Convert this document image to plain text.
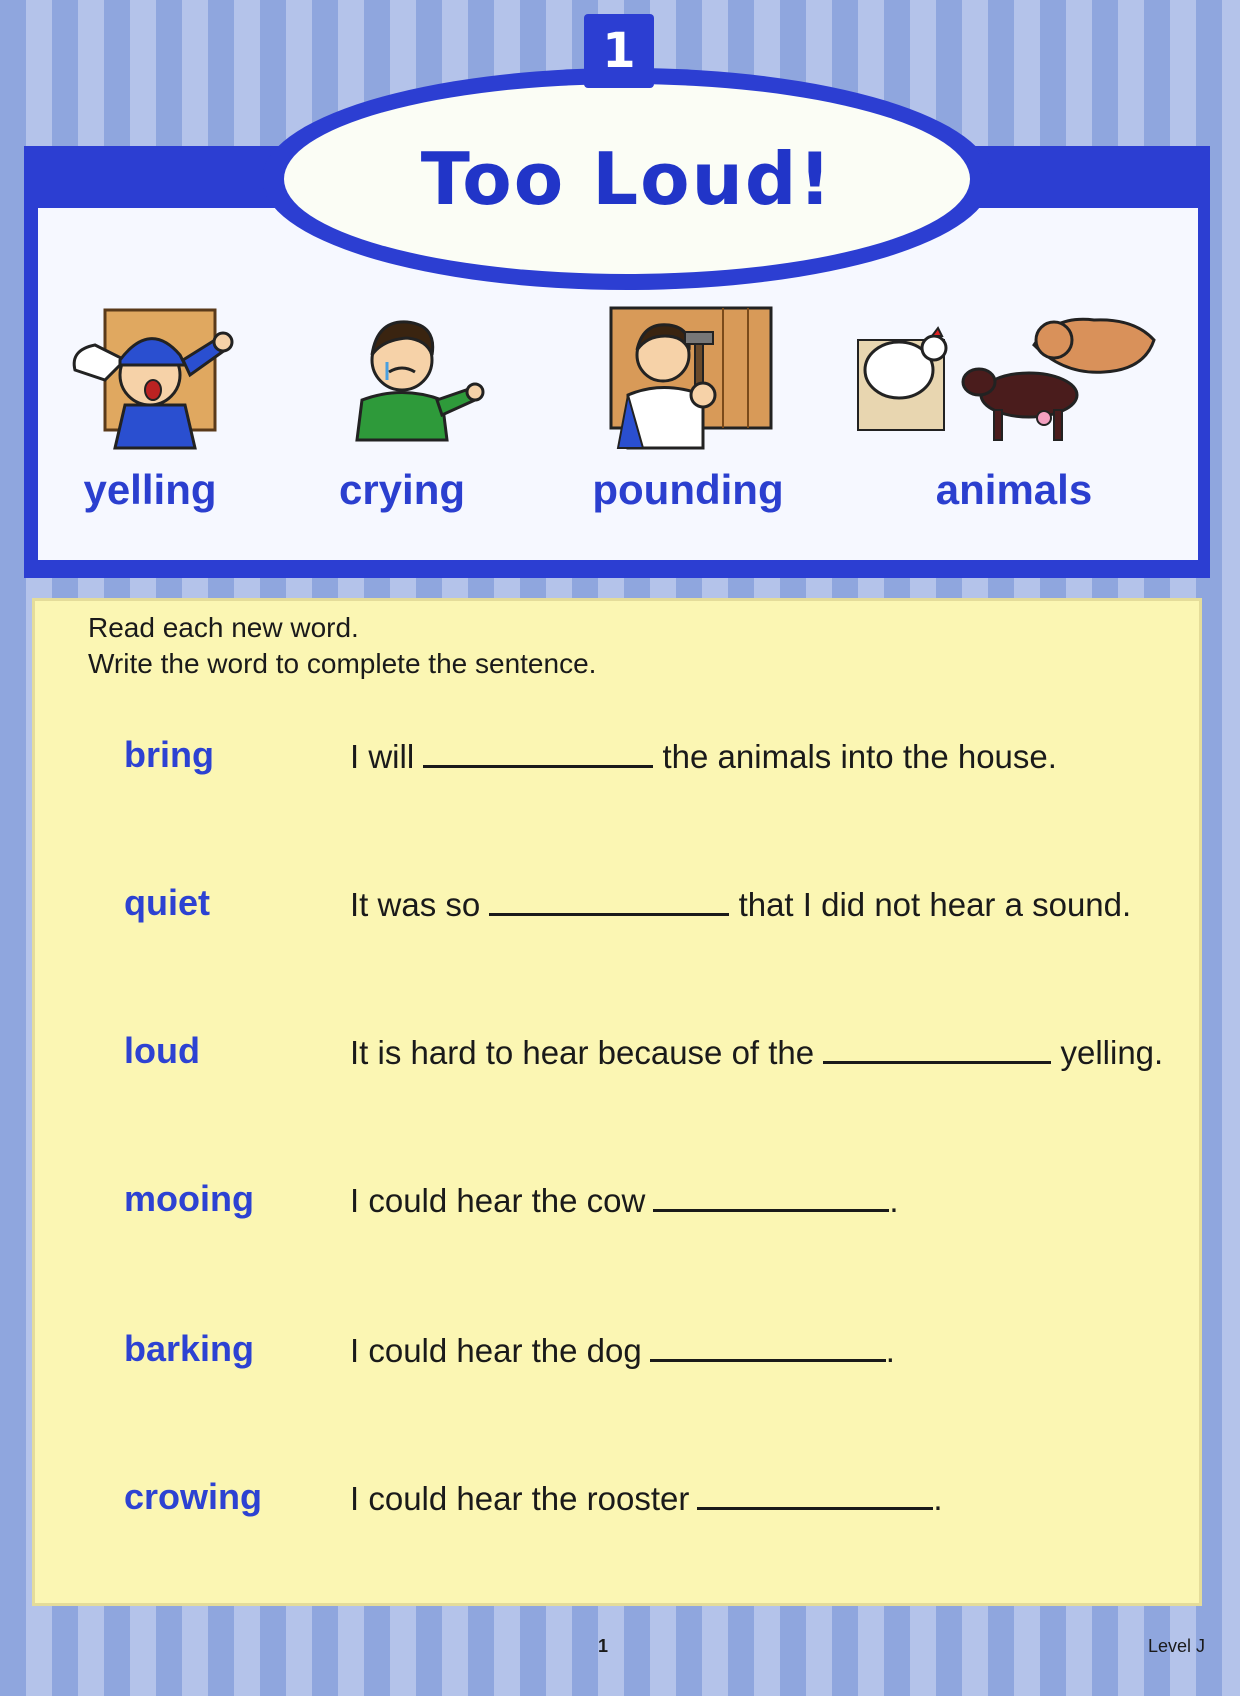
Too Loud!
1
yelling	crying	pounding	animals
Read each new word.
Write the word to complete the sentence.
bring	I will	the animals into the house.
quiet	It was so	that I did not hear a sound.
loud	It is hard to hear because of the	yelling.
mooing	I could hear the cow	.
barking	I could hear the dog	.
crowing	I could hear the rooster	.
1	Level J
